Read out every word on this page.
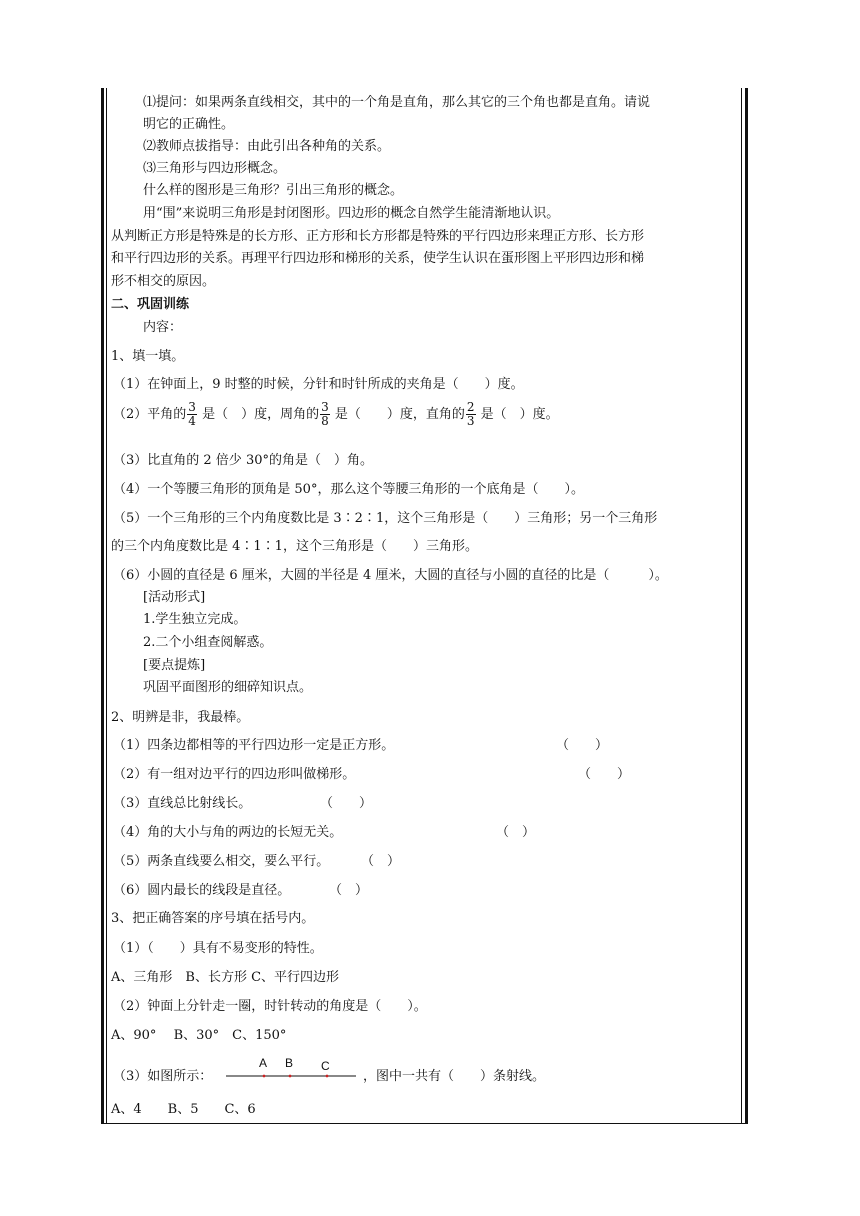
⑴提问：如果两条直线相交，其中的一个角是直角，那么其它的三个角也都是直角。请说
明它的正确性。
⑵教师点拔指导：由此引出各种角的关系。
⑶三角形与四边形概念。
什么样的图形是三角形？引出三角形的概念。
用“围”来说明三角形是封闭图形。四边形的概念自然学生能清渐地认识。
从判断正方形是特殊是的长方形、正方形和长方形都是特殊的平行四边形来理正方形、长方形
和平行四边形的关系。再理平行四边形和梯形的关系，使学生认识在蛋形图上平形四边形和梯
形不相交的原因。
二、巩固训练
内容：
1、填一填。
（1）在钟面上，9 时整的时候，分针和时针所成的夹角是（　　）度。
（2）平角的 $\frac{3}{4}$ 是（　）度，周角的 $\frac{3}{8}$ 是（　　）度，直角的 $\frac{2}{3}$ 是（　）度。
（3）比直角的 2 倍少 30°的角是（　）角。
（4）一个等腰三角形的顶角是 50°，那么这个等腰三角形的一个底角是（　　）。
（5）一个三角形的三个内角度数比是 3∶2∶1，这个三角形是（　　）三角形；另一个三角形
的三个内角度数比是 4∶1∶1，这个三角形是（　　）三角形。
（6）小圆的直径是 6 厘米，大圆的半径是 4 厘米，大圆的直径与小圆的直径的比是（　　　）。
[活动形式]
1.学生独立完成。
2.二个小组查阅解惑。
[要点提炼]
巩固平面图形的细碎知识点。
2、明辨是非，我最棒。
（1）四条边都相等的平行四边形一定是正方形。	（　　）
（2）有一组对边平行的四边形叫做梯形。	（　　）
（3）直线总比射线长。	（　　）
（4）角的大小与角的两边的长短无关。	（　）
（5）两条直线要么相交，要么平行。 （　）
（6）圆内最长的线段是直径。	（　）
3、把正确答案的序号填在括号内。
（1）（　　）具有不易变形的特性。
A、三角形　B、长方形 C、平行四边形
（2）钟面上分针走一圈，时针转动的角度是（　　）。
A、90°　 B、30°　C、150°
（3）如图所示：
A B C
，图中一共有（　　）条射线。
A、4　　B、5　　C、6
